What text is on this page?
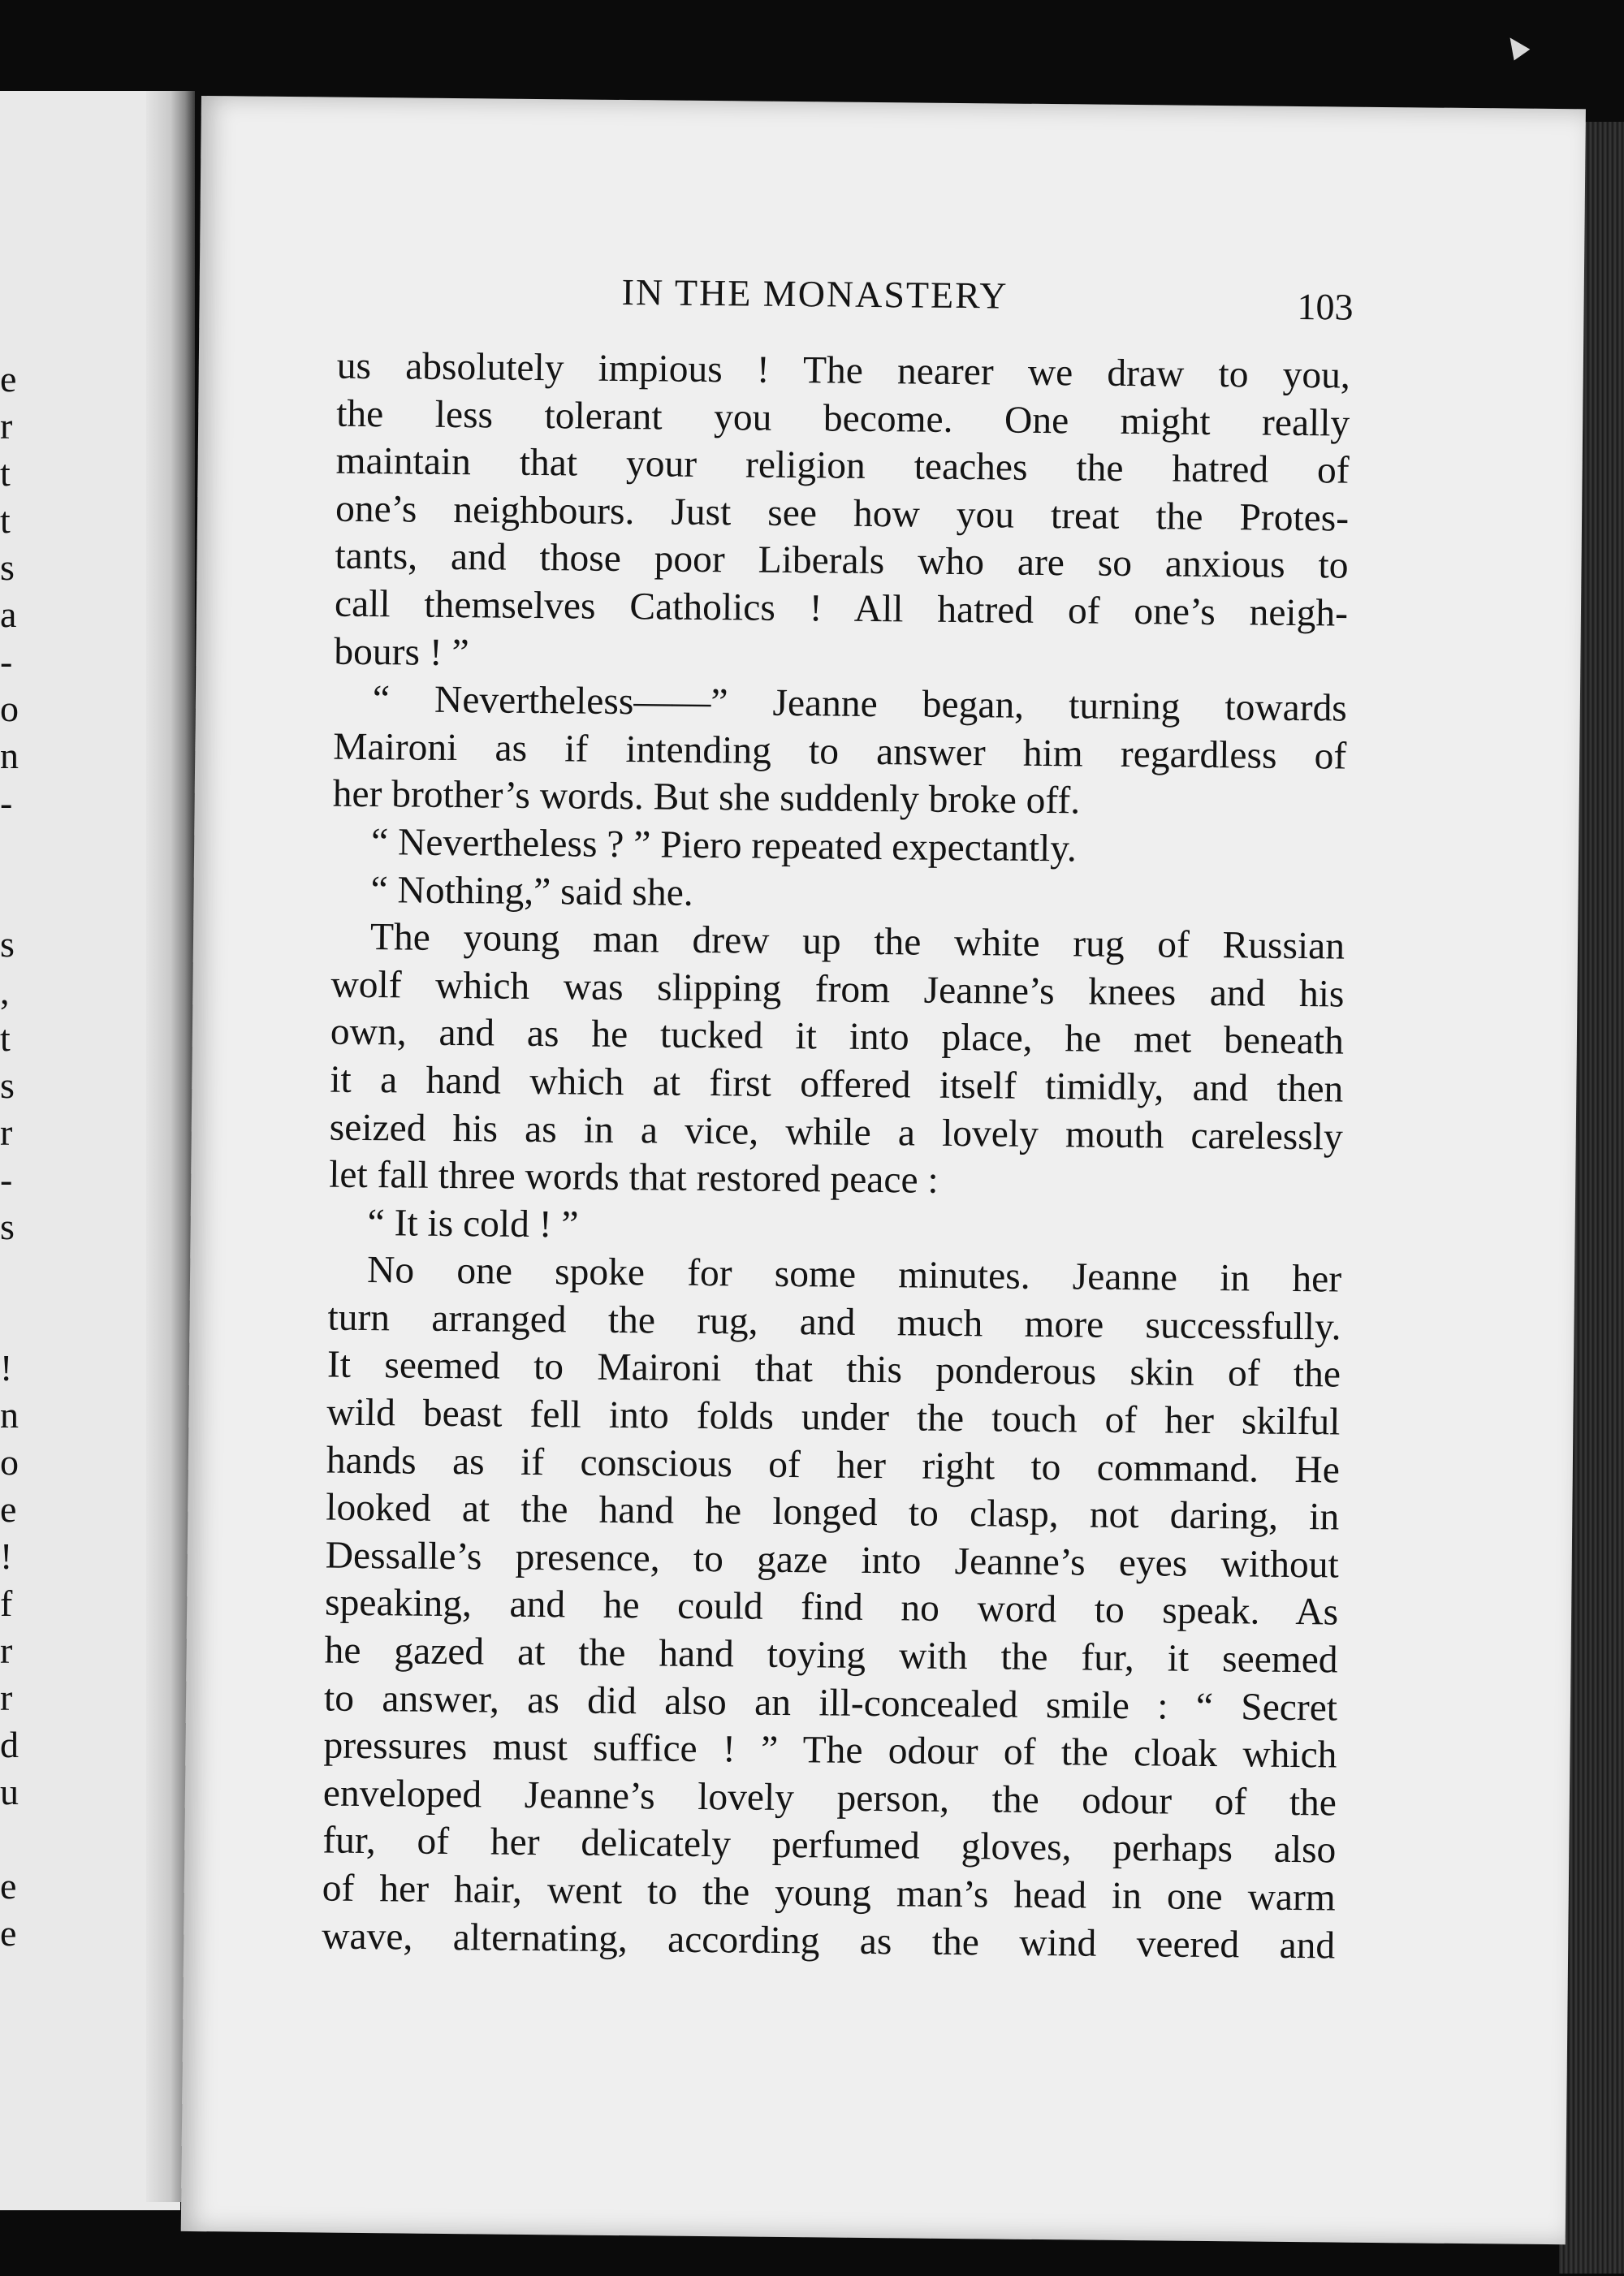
e
r
t
t
s
a
-
o
n
-
s
,
t
s
r
-
s
!
n
o
e
!
f
r
r
d
u
e
e
IN THE MONASTERY	103
us absolutely impious ! The nearer we draw to you,
the less tolerant you become. One might really
maintain that your religion teaches the hatred of
one’s neighbours. Just see how you treat the Protes-
tants, and those poor Liberals who are so anxious to
call themselves Catholics ! All hatred of one’s neigh-
bours ! ”
“ Nevertheless——” Jeanne began, turning towards
Maironi as if intending to answer him regardless of
her brother’s words. But she suddenly broke off.
“ Nevertheless ? ” Piero repeated expectantly.
“ Nothing,” said she.
The young man drew up the white rug of Russian
wolf which was slipping from Jeanne’s knees and his
own, and as he tucked it into place, he met beneath
it a hand which at first offered itself timidly, and then
seized his as in a vice, while a lovely mouth carelessly
let fall three words that restored peace :
“ It is cold ! ”
No one spoke for some minutes. Jeanne in her
turn arranged the rug, and much more successfully.
It seemed to Maironi that this ponderous skin of the
wild beast fell into folds under the touch of her skilful
hands as if conscious of her right to command. He
looked at the hand he longed to clasp, not daring, in
Dessalle’s presence, to gaze into Jeanne’s eyes without
speaking, and he could find no word to speak. As
he gazed at the hand toying with the fur, it seemed
to answer, as did also an ill-concealed smile : “ Secret
pressures must suffice ! ” The odour of the cloak which
enveloped Jeanne’s lovely person, the odour of the
fur, of her delicately perfumed gloves, perhaps also
of her hair, went to the young man’s head in one warm
wave, alternating, according as the wind veered and
